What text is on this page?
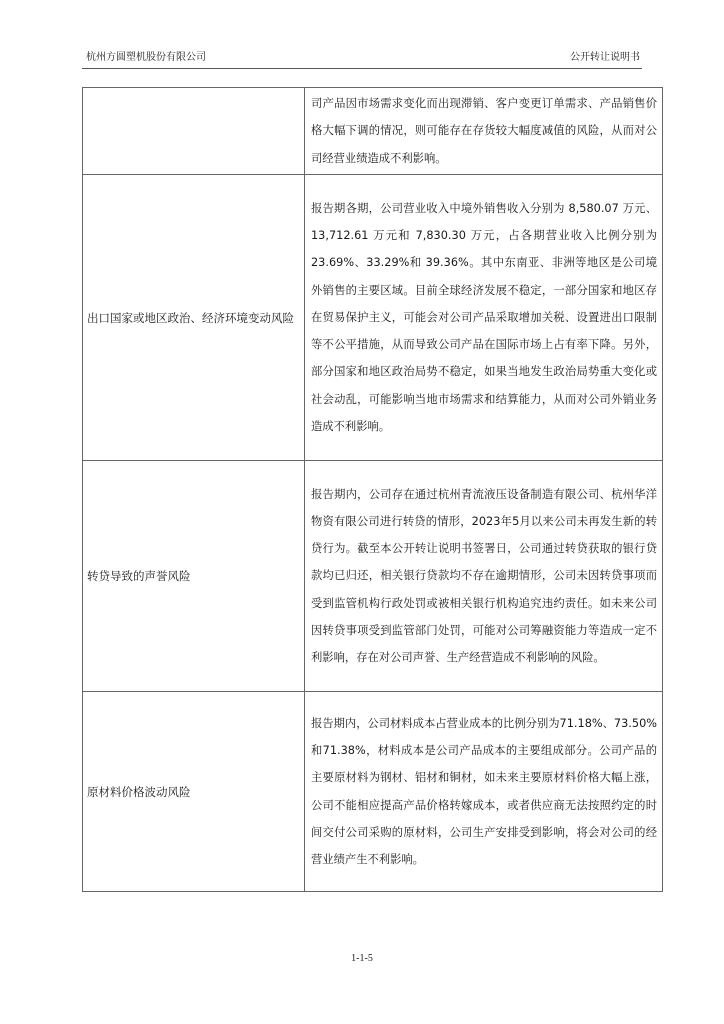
杭州方圆塑机股份有限公司	公开转让说明书
	司产品因市场需求变化而出现滞销、客户变更订单需求、产品销售价格大幅下调的情况，则可能存在存货较大幅度减值的风险，从而对公司经营业绩造成不利影响。
出口国家或地区政治、经济环境变动风险	报告期各期，公司营业收入中境外销售收入分别为 8,580.07 万元、13,712.61 万元和 7,830.30 万元，占各期营业收入比例分别为 23.69%、33.29%和 39.36%。其中东南亚、非洲等地区是公司境外销售的主要区域。目前全球经济发展不稳定，一部分国家和地区存在贸易保护主义，可能会对公司产品采取增加关税、设置进出口限制等不公平措施，从而导致公司产品在国际市场上占有率下降。另外，部分国家和地区政治局势不稳定，如果当地发生政治局势重大变化或社会动乱，可能影响当地市场需求和结算能力，从而对公司外销业务造成不利影响。
转贷导致的声誉风险	报告期内，公司存在通过杭州青流液压设备制造有限公司、杭州华洋物资有限公司进行转贷的情形，2023年5月以来公司未再发生新的转贷行为。截至本公开转让说明书签署日，公司通过转贷获取的银行贷款均已归还，相关银行贷款均不存在逾期情形，公司未因转贷事项而受到监管机构行政处罚或被相关银行机构追究违约责任。如未来公司因转贷事项受到监管部门处罚，可能对公司筹融资能力等造成一定不利影响，存在对公司声誉、生产经营造成不利影响的风险。
原材料价格波动风险	报告期内，公司材料成本占营业成本的比例分别为71.18%、73.50%和71.38%，材料成本是公司产品成本的主要组成部分。公司产品的主要原材料为钢材、铝材和铜材，如未来主要原材料价格大幅上涨，公司不能相应提高产品价格转嫁成本，或者供应商无法按照约定的时间交付公司采购的原材料，公司生产安排受到影响，将会对公司的经营业绩产生不利影响。
1-1-5
